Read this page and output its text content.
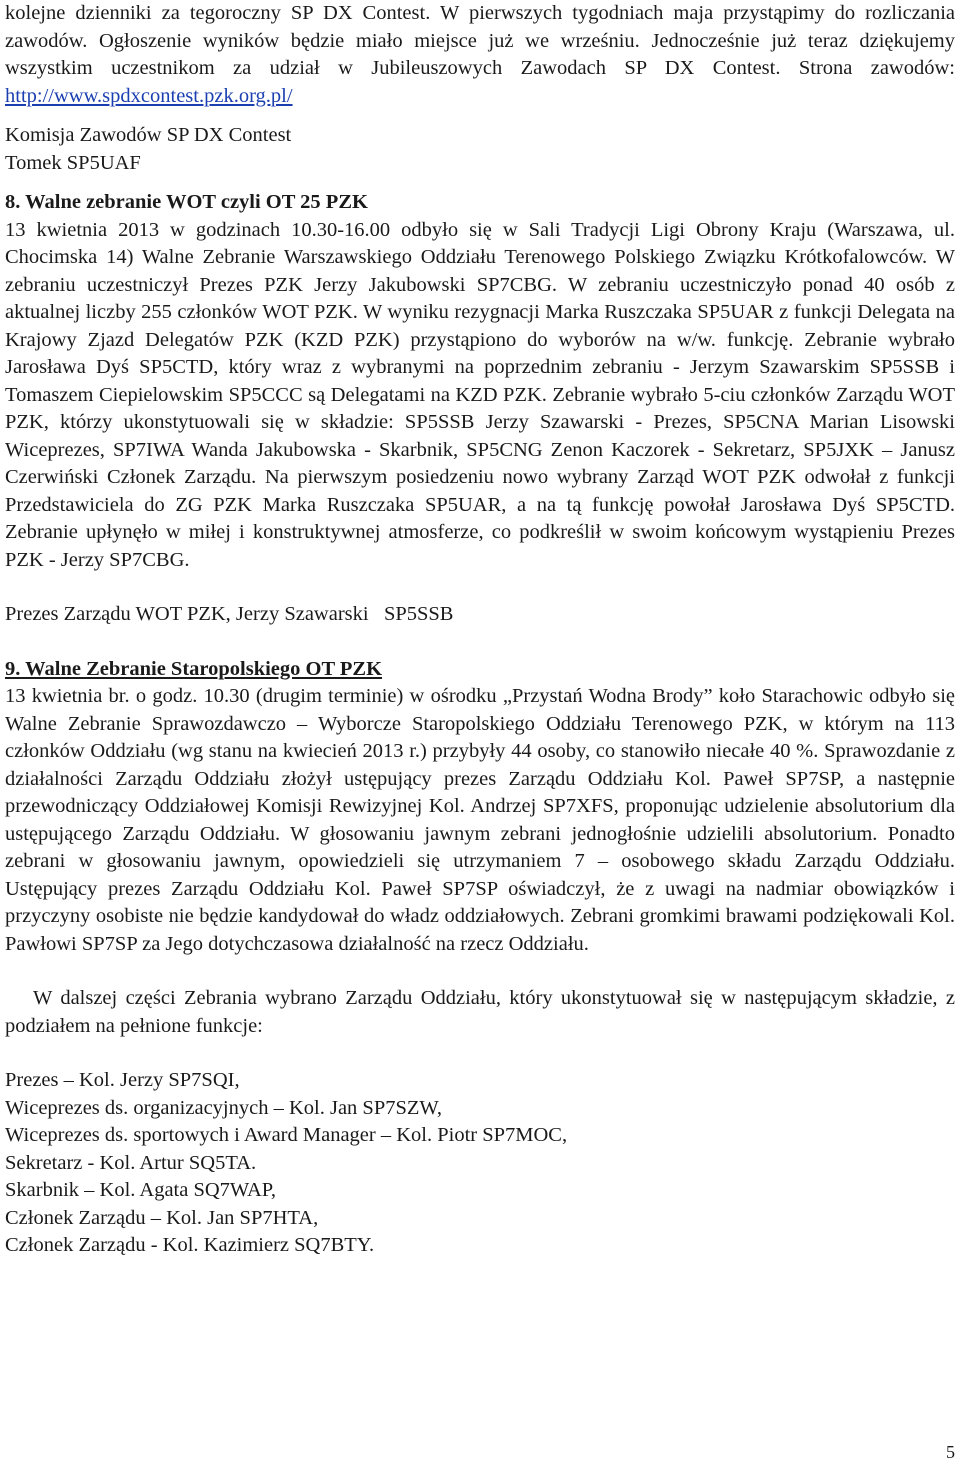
kolejne dzienniki za tegoroczny SP DX Contest. W pierwszych tygodniach maja przystąpimy do rozliczania zawodów. Ogłoszenie wyników będzie miało miejsce już we wrześniu. Jednocześnie już teraz dziękujemy wszystkim uczestnikom za udział w Jubileuszowych Zawodach SP DX Contest. Strona zawodów: http://www.spdxcontest.pzk.org.pl/

Komisja Zawodów SP DX Contest

Tomek SP5UAF

8. Walne zebranie WOT czyli OT 25 PZK

13 kwietnia 2013 w godzinach 10.30-16.00 odbyło się w Sali Tradycji Ligi Obrony Kraju (Warszawa, ul. Chocimska 14) Walne Zebranie Warszawskiego Oddziału Terenowego Polskiego Związku Krótkofalowców. W zebraniu uczestniczył Prezes PZK Jerzy Jakubowski SP7CBG. W zebraniu uczestniczyło ponad 40 osób z aktualnej liczby 255 członków WOT PZK. W wyniku rezygnacji Marka Ruszczaka SP5UAR z funkcji Delegata na Krajowy Zjazd Delegatów PZK (KZD PZK) przystąpiono do wyborów na w/w. funkcję. Zebranie wybrało Jarosława Dyś SP5CTD, który wraz z wybranymi na poprzednim zebraniu - Jerzym Szawarskim SP5SSB i Tomaszem Ciepielowskim SP5CCC są Delegatami na KZD PZK. Zebranie wybrało 5-ciu członków Zarządu WOT PZK, którzy ukonstytuowali się w składzie: SP5SSB Jerzy Szawarski - Prezes, SP5CNA Marian Lisowski Wiceprezes, SP7IWA Wanda Jakubowska - Skarbnik, SP5CNG Zenon Kaczorek - Sekretarz, SP5JXK – Janusz Czerwiński Członek Zarządu. Na pierwszym posiedzeniu nowo wybrany Zarząd WOT PZK odwołał z funkcji Przedstawiciela do ZG PZK Marka Ruszczaka SP5UAR, a na tą funkcję powołał Jarosława Dyś SP5CTD. Zebranie upłynęło w miłej i konstruktywnej atmosferze, co podkreślił w swoim końcowym wystąpieniu Prezes PZK - Jerzy SP7CBG.

Prezes Zarządu WOT PZK, Jerzy Szawarski   SP5SSB

9. Walne Zebranie Staropolskiego OT PZK

13 kwietnia br. o godz. 10.30 (drugim terminie) w ośrodku „Przystań Wodna Brody” koło Starachowic odbyło się Walne Zebranie Sprawozdawczo – Wyborcze Staropolskiego Oddziału Terenowego PZK, w którym na 113 członków Oddziału (wg stanu na kwiecień 2013 r.) przybyły 44 osoby, co stanowiło niecałe 40 %. Sprawozdanie z działalności Zarządu Oddziału złożył ustępujący prezes Zarządu Oddziału Kol. Paweł SP7SP, a następnie przewodniczący Oddziałowej Komisji Rewizyjnej Kol. Andrzej SP7XFS, proponując udzielenie absolutorium dla ustępującego Zarządu Oddziału. W głosowaniu jawnym zebrani jednogłośnie udzielili absolutorium. Ponadto zebrani w głosowaniu jawnym, opowiedzieli się utrzymaniem 7 – osobowego składu Zarządu Oddziału. Ustępujący prezes Zarządu Oddziału Kol. Paweł SP7SP oświadczył, że z uwagi na nadmiar obowiązków i przyczyny osobiste nie będzie kandydował do władz oddziałowych. Zebrani gromkimi brawami podziękowali Kol. Pawłowi SP7SP za Jego dotychczasowa działalność na rzecz Oddziału.

W dalszej części Zebrania wybrano Zarządu Oddziału, który ukonstytuował się w następującym składzie, z podziałem na pełnione funkcje:

Prezes – Kol. Jerzy SP7SQI,
Wiceprezes ds. organizacyjnych – Kol. Jan SP7SZW,
Wiceprezes ds. sportowych i Award Manager – Kol. Piotr SP7MOC,
Sekretarz - Kol. Artur SQ5TA.
Skarbnik – Kol. Agata SQ7WAP,
Członek Zarządu – Kol. Jan SP7HTA,
Członek Zarządu - Kol. Kazimierz SQ7BTY.
5
